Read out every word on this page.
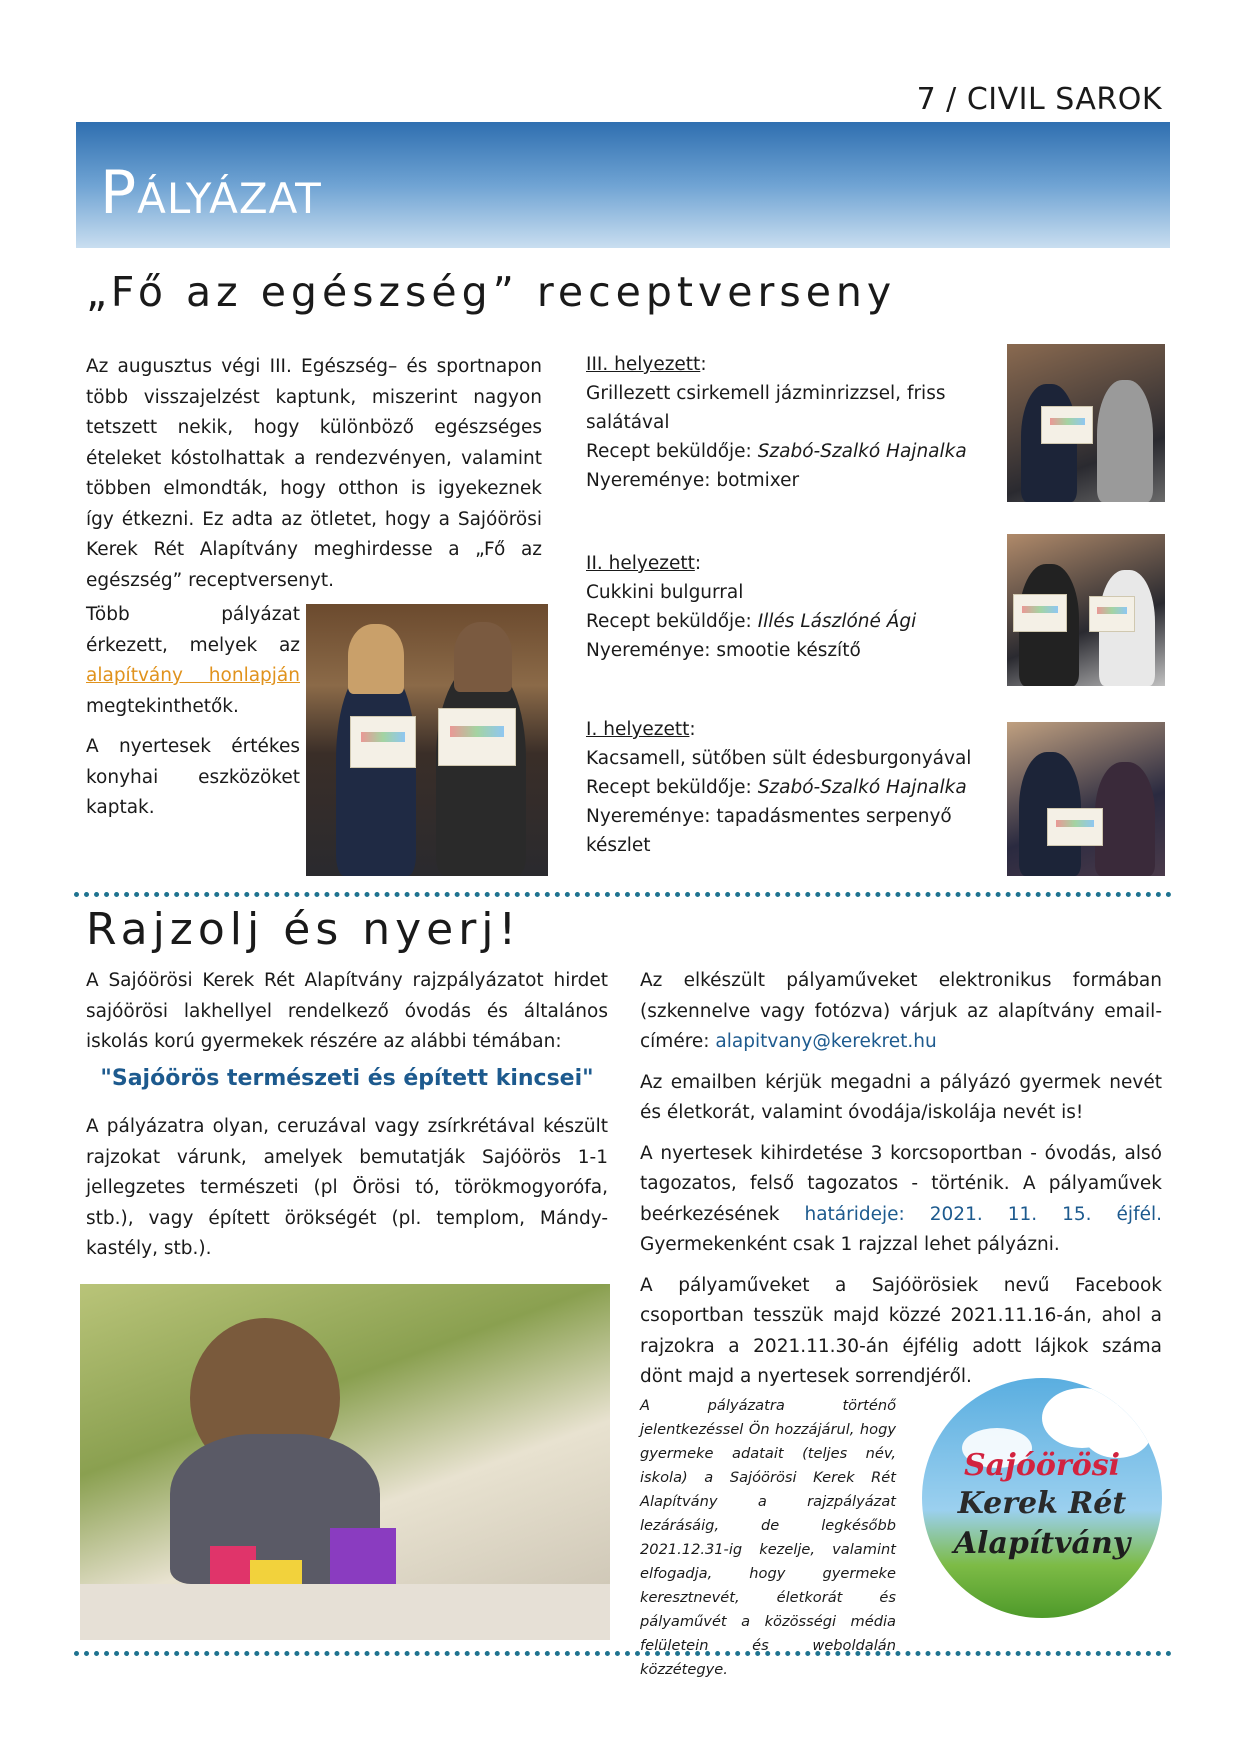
7 / CIVIL SAROK
Pályázat
„Fő az egészség” receptverseny
Az augusztus végi III. Egészség– és sportnapon több visszajelzést kaptunk, miszerint nagyon tetszett nekik, hogy különböző egészséges ételeket kóstolhattak a rendezvényen, valamint többen elmondták, hogy otthon is igyekeznek így étkezni. Ez adta az ötletet, hogy a Sajóörösi Kerek Rét Alapítvány meghirdesse a „Fő az egészség” receptversenyt.

Több pályázat érkezett, melyek az alapítvány honlapján megtekinthetők.

A nyertesek értékes konyhai eszközöket kaptak.

III. helyezett:
Grillezett csirkemell jázminrizzsel, friss salátával
Recept beküldője: Szabó-Szalkó Hajnalka
Nyereménye: botmixer
II. helyezett:
Cukkini bulgurral
Recept beküldője: Illés Lászlóné Ági
Nyereménye: smootie készítő
I. helyezett:
Kacsamell, sütőben sült édesburgonyával
Recept beküldője: Szabó-Szalkó Hajnalka
Nyereménye: tapadásmentes serpenyő készlet
Rajzolj és nyerj!
A Sajóörösi Kerek Rét Alapítvány rajzpályázatot hirdet sajóörösi lakhellyel rendelkező óvodás és általános iskolás korú gyermekek részére az alábbi témában:
"Sajóörös természeti és épített kincsei"
A pályázatra olyan, ceruzával vagy zsírkrétával készült rajzokat várunk, amelyek bemutatják Sajóörös 1-1 jellegzetes természeti (pl Örösi tó, törökmogyorófa, stb.), vagy épített örökségét (pl. templom, Mándy-kastély, stb.).

Az elkészült pályaműveket elektronikus formában (szkennelve vagy fotózva) várjuk az alapítvány email-címére: alapitvany@kerekret.hu

Az emailben kérjük megadni a pályázó gyermek nevét és életkorát, valamint óvodája/iskolája nevét is!

A nyertesek kihirdetése 3 korcsoportban - óvodás, alsó tagozatos, felső tagozatos - történik. A pályaművek beérkezésének határideje: 2021. 11. 15. éjfél. Gyermekenként csak 1 rajzzal lehet pályázni.

A pályaműveket a Sajóörösiek nevű Facebook csoportban tesszük majd közzé 2021.11.16-án, ahol a rajzokra a 2021.11.30-án éjfélig adott lájkok száma dönt majd a nyertesek sorrendjéről.

A pályázatra történő jelentkezéssel Ön hozzájárul, hogy gyermeke adatait (teljes név, iskola) a Sajóörösi Kerek Rét Alapítvány a rajzpályázat lezárásáig, de legkésőbb 2021.12.31-ig kezelje, valamint elfogadja, hogy gyermeke keresztnevét, életkorát és pályaművét a közösségi média felületein és weboldalán közzétegye.
Sajóörösi
Kerek Rét
Alapítvány
